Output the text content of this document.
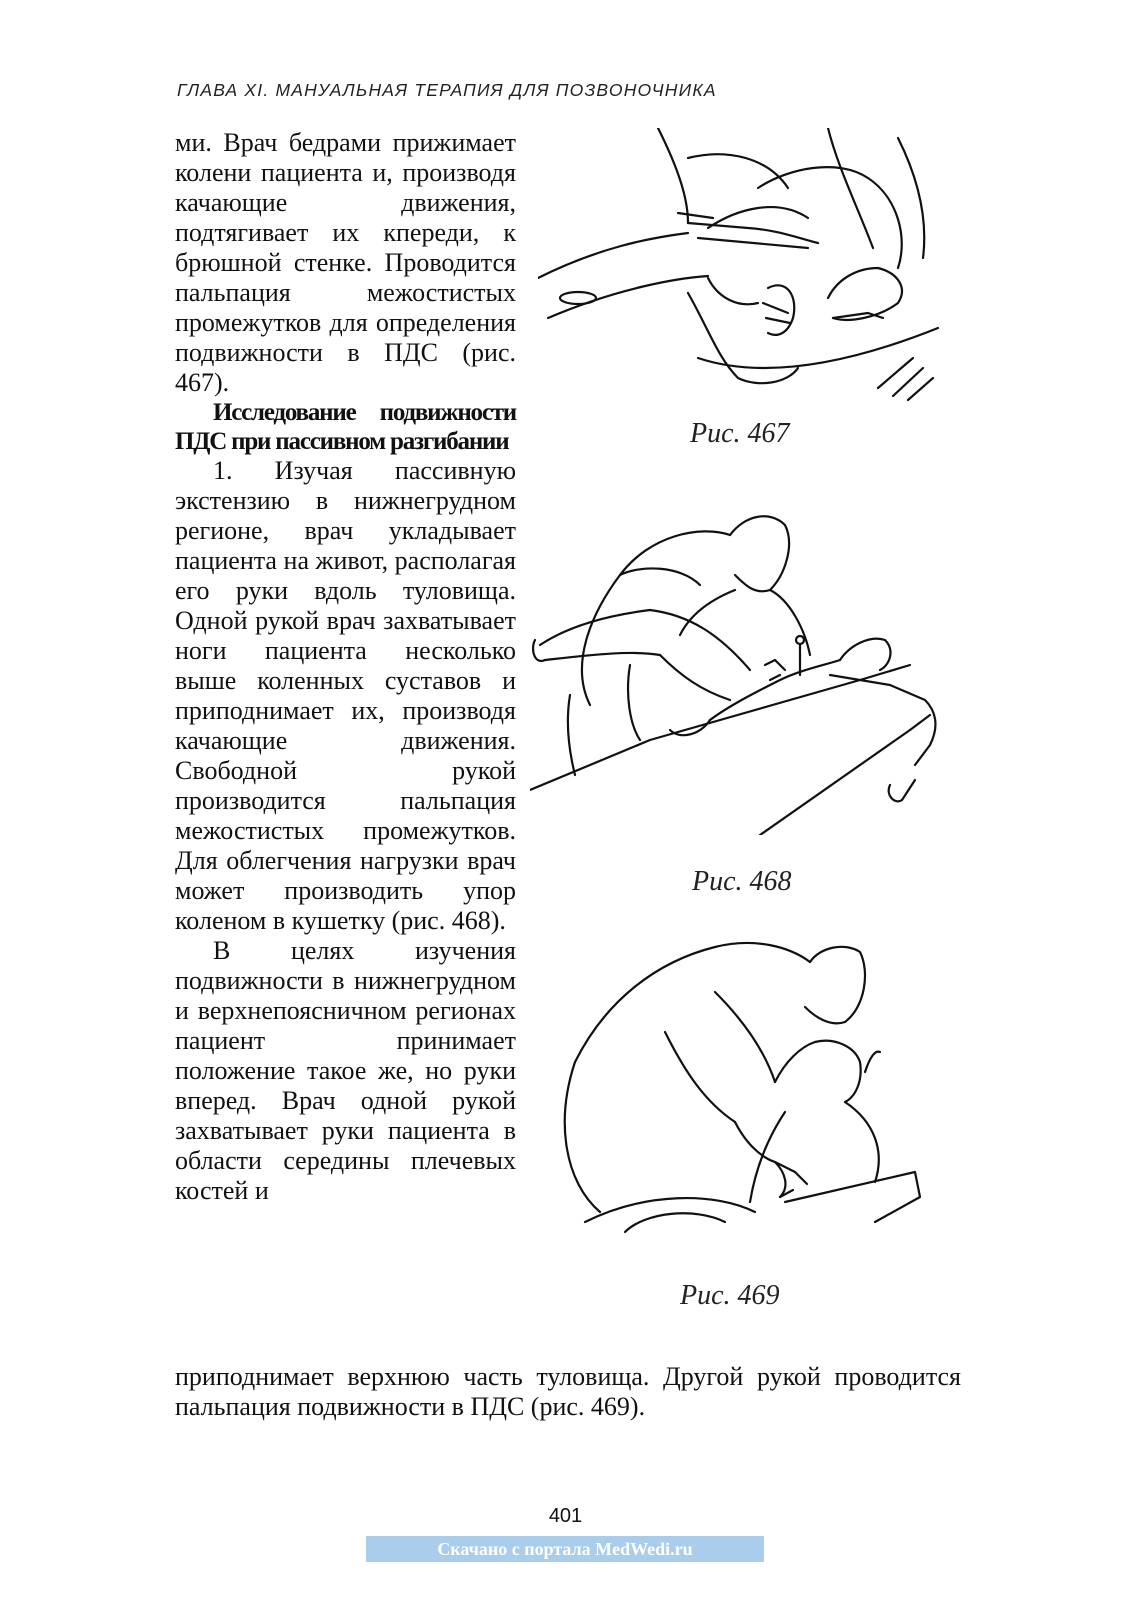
ГЛАВА XI. МАНУАЛЬНАЯ ТЕРАПИЯ ДЛЯ ПОЗВОНОЧНИКА

ми. Врач бедрами прижимает колени пациента и, производя качающие движения, подтягивает их кпереди, к брюшной стенке. Проводится пальпация межостистых промежутков для определения подвижности в ПДС (рис. 467).

Исследование подвижности ПДС при пассивном разгибании

1. Изучая пассивную экстензию в нижнегрудном регионе, врач укладывает пациента на живот, располагая его руки вдоль туловища. Одной рукой врач захватывает ноги пациента несколько выше коленных суставов и приподнимает их, производя качающие движения. Свободной рукой производится пальпация межостистых промежутков. Для облегчения нагрузки врач может производить упор коленом в кушетку (рис. 468).

В целях изучения подвижности в нижнегрудном и верхнепоясничном регионах пациент принимает положение такое же, но руки вперед. Врач одной рукой захватывает руки пациента в области середины плечевых костей и

приподнимает верхнюю часть туловища. Другой рукой проводится пальпация подвижности в ПДС (рис. 469).
Рис. 467
Рис. 468
Рис. 469
401
Скачано с портала MedWedi.ru
